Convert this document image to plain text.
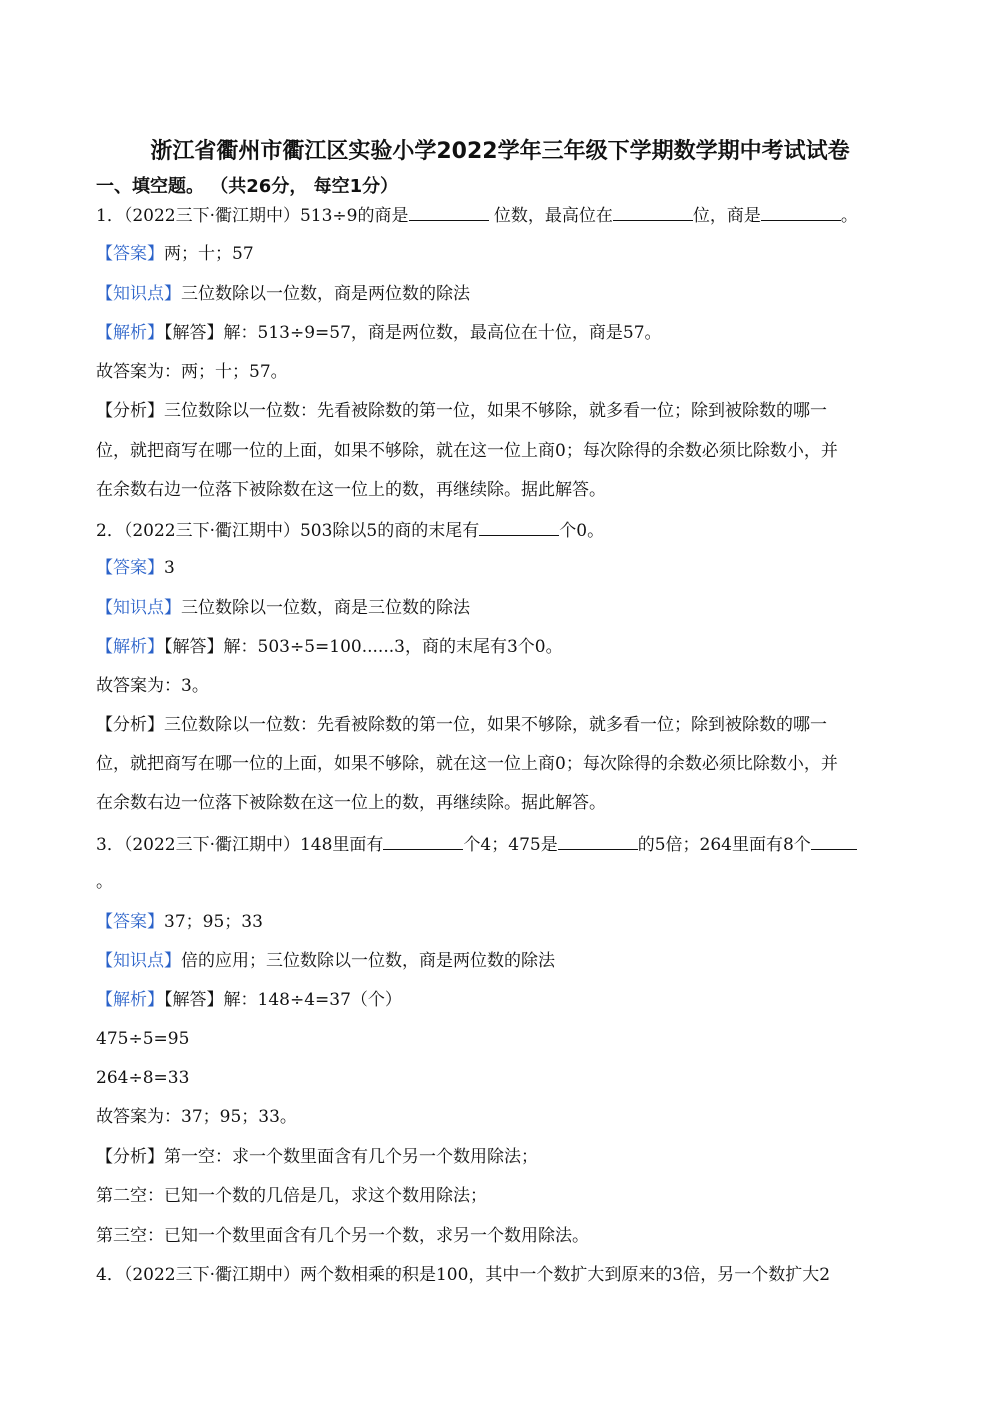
浙江省衢州市衢江区实验小学2022学年三年级下学期数学期中考试试卷
一、填空题。 （共26分， 每空1分）
1．（2022三下·衢江期中）513÷9的商是	位数，最高位在	位，商是	。
【答案】两；十；57
【知识点】三位数除以一位数，商是两位数的除法
【解析】【解答】解：513÷9=57，商是两位数，最高位在十位，商是57。
故答案为：两；十；57。
【分析】三位数除以一位数：先看被除数的第一位，如果不够除，就多看一位；除到被除数的哪一
位，就把商写在哪一位的上面，如果不够除，就在这一位上商0；每次除得的余数必须比除数小，并
在余数右边一位落下被除数在这一位上的数，再继续除。据此解答。
2．（2022三下·衢江期中）503除以5的商的末尾有	个0。
【答案】3
【知识点】三位数除以一位数，商是三位数的除法
【解析】【解答】解：503÷5=100......3，商的末尾有3个0。
故答案为：3。
【分析】三位数除以一位数：先看被除数的第一位，如果不够除，就多看一位；除到被除数的哪一
位，就把商写在哪一位的上面，如果不够除，就在这一位上商0；每次除得的余数必须比除数小，并
在余数右边一位落下被除数在这一位上的数，再继续除。据此解答。
3．（2022三下·衢江期中）148里面有	个4；475是	的5倍；264里面有8个
。
【答案】37；95；33
【知识点】倍的应用；三位数除以一位数，商是两位数的除法
【解析】【解答】解：148÷4=37（个）
475÷5=95
264÷8=33
故答案为：37；95；33。
【分析】第一空：求一个数里面含有几个另一个数用除法；
第二空：已知一个数的几倍是几，求这个数用除法；
第三空：已知一个数里面含有几个另一个数，求另一个数用除法。
4．（2022三下·衢江期中）两个数相乘的积是100，其中一个数扩大到原来的3倍，另一个数扩大2
